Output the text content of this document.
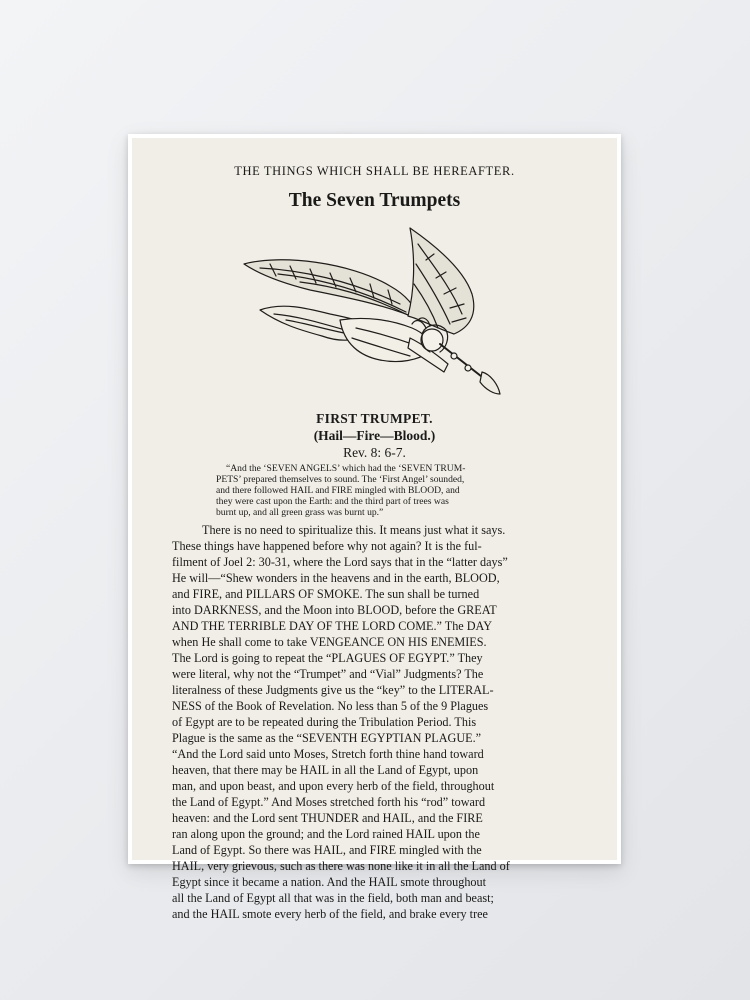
THE THINGS WHICH SHALL BE HEREAFTER.
The Seven Trumpets
FIRST TRUMPET.
(Hail—Fire—Blood.)
Rev. 8: 6-7.
“And the ‘SEVEN ANGELS’ which had the ‘SEVEN TRUM-
PETS’ prepared themselves to sound. The ‘First Angel’ sounded,
and there followed HAIL and FIRE mingled with BLOOD, and
they were cast upon the Earth: and the third part of trees was
burnt up, and all green grass was burnt up.”
There is no need to spiritualize this. It means just what it says.
These things have happened before why not again? It is the ful-
filment of Joel 2: 30-31, where the Lord says that in the “latter days”
He will—“Shew wonders in the heavens and in the earth, BLOOD,
and FIRE, and PILLARS OF SMOKE. The sun shall be turned
into DARKNESS, and the Moon into BLOOD, before the GREAT
AND THE TERRIBLE DAY OF THE LORD COME.” The DAY
when He shall come to take VENGEANCE ON HIS ENEMIES.
The Lord is going to repeat the “PLAGUES OF EGYPT.” They
were literal, why not the “Trumpet” and “Vial” Judgments? The
literalness of these Judgments give us the “key” to the LITERAL-
NESS of the Book of Revelation. No less than 5 of the 9 Plagues
of Egypt are to be repeated during the Tribulation Period. This
Plague is the same as the “SEVENTH EGYPTIAN PLAGUE.”
“And the Lord said unto Moses, Stretch forth thine hand toward
heaven, that there may be HAIL in all the Land of Egypt, upon
man, and upon beast, and upon every herb of the field, throughout
the Land of Egypt.” And Moses stretched forth his “rod” toward
heaven: and the Lord sent THUNDER and HAIL, and the FIRE
ran along upon the ground; and the Lord rained HAIL upon the
Land of Egypt. So there was HAIL, and FIRE mingled with the
HAIL, very grievous, such as there was none like it in all the Land of
Egypt since it became a nation. And the HAIL smote throughout
all the Land of Egypt all that was in the field, both man and beast;
and the HAIL smote every herb of the field, and brake every tree
